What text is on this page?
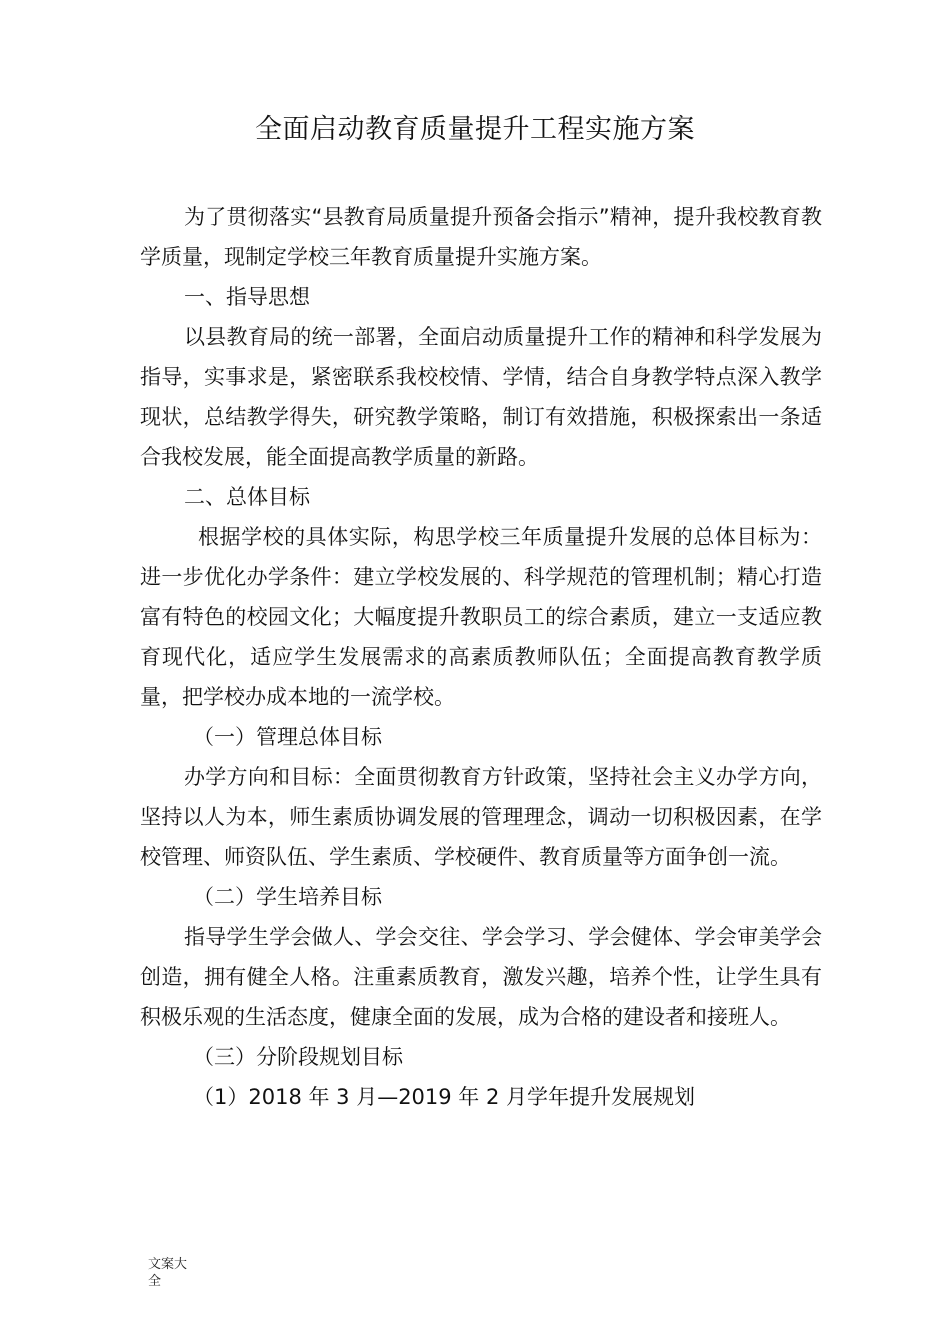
全面启动教育质量提升工程实施方案

为了贯彻落实“县教育局质量提升预备会指示”精神，提升我校教育教学质量，现制定学校三年教育质量提升实施方案。

一、指导思想

以县教育局的统一部署，全面启动质量提升工作的精神和科学发展为指导，实事求是，紧密联系我校校情、学情，结合自身教学特点深入教学现状，总结教学得失，研究教学策略，制订有效措施，积极探索出一条适合我校发展，能全面提高教学质量的新路。

二、总体目标

根据学校的具体实际，构思学校三年质量提升发展的总体目标为：进一步优化办学条件：建立学校发展的、科学规范的管理机制；精心打造富有特色的校园文化；大幅度提升教职员工的综合素质，建立一支适应教育现代化，适应学生发展需求的高素质教师队伍；全面提高教育教学质量，把学校办成本地的一流学校。

（一）管理总体目标

办学方向和目标：全面贯彻教育方针政策，坚持社会主义办学方向，坚持以人为本，师生素质协调发展的管理理念，调动一切积极因素，在学校管理、师资队伍、学生素质、学校硬件、教育质量等方面争创一流。

（二）学生培养目标

指导学生学会做人、学会交往、学会学习、学会健体、学会审美学会创造，拥有健全人格。注重素质教育，激发兴趣，培养个性，让学生具有积极乐观的生活态度，健康全面的发展，成为合格的建设者和接班人。

（三）分阶段规划目标

（1）2018 年 3 月—2019 年 2 月学年提升发展规划

文案大全
